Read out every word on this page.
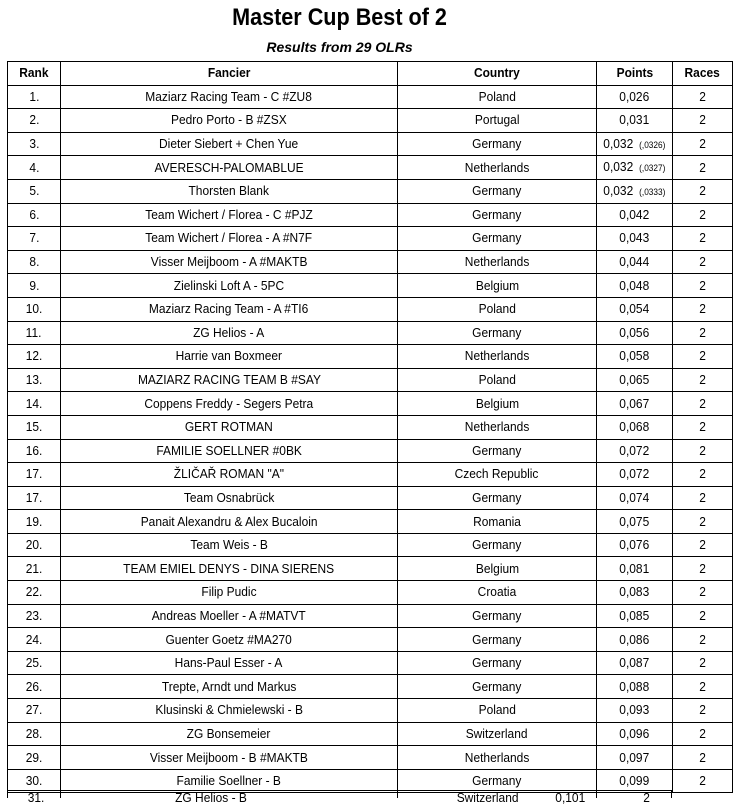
Master Cup Best of 2
Results from 29 OLRs
Rank	Fancier	Country	Points	Races
1.	Maziarz Racing Team - C #ZU8	Poland	0,026	2
2.	Pedro Porto - B #ZSX	Portugal	0,031	2
3.	Dieter Siebert + Chen Yue	Germany	0,032 (,0326)	2
4.	AVERESCH-PALOMABLUE	Netherlands	0,032 (,0327)	2
5.	Thorsten Blank	Germany	0,032 (,0333)	2
6.	Team Wichert / Florea - C #PJZ	Germany	0,042	2
7.	Team Wichert / Florea - A #N7F	Germany	0,043	2
8.	Visser Meijboom - A #MAKTB	Netherlands	0,044	2
9.	Zielinski Loft A - 5PC	Belgium	0,048	2
10.	Maziarz Racing Team - A #TI6	Poland	0,054	2
11.	ZG Helios - A	Germany	0,056	2
12.	Harrie van Boxmeer	Netherlands	0,058	2
13.	MAZIARZ RACING TEAM B #SAY	Poland	0,065	2
14.	Coppens Freddy - Segers Petra	Belgium	0,067	2
15.	GERT ROTMAN	Netherlands	0,068	2
16.	FAMILIE SOELLNER #0BK	Germany	0,072	2
17.	ŽLIČAŘ ROMAN "A"	Czech Republic	0,072	2
17.	Team Osnabrück	Germany	0,074	2
19.	Panait Alexandru & Alex Bucaloin	Romania	0,075	2
20.	Team Weis - B	Germany	0,076	2
21.	TEAM EMIEL DENYS - DINA SIERENS	Belgium	0,081	2
22.	Filip Pudic	Croatia	0,083	2
23.	Andreas Moeller - A #MATVT	Germany	0,085	2
24.	Guenter Goetz #MA270	Germany	0,086	2
25.	Hans-Paul Esser - A	Germany	0,087	2
26.	Trepte, Arndt und Markus	Germany	0,088	2
27.	Klusinski & Chmielewski - B	Poland	0,093	2
28.	ZG Bonsemeier	Switzerland	0,096	2
29.	Visser Meijboom - B #MAKTB	Netherlands	0,097	2
30.	Familie Soellner - B	Germany	0,099	2
31.	ZG Helios - B	Switzerland	0,101	2
